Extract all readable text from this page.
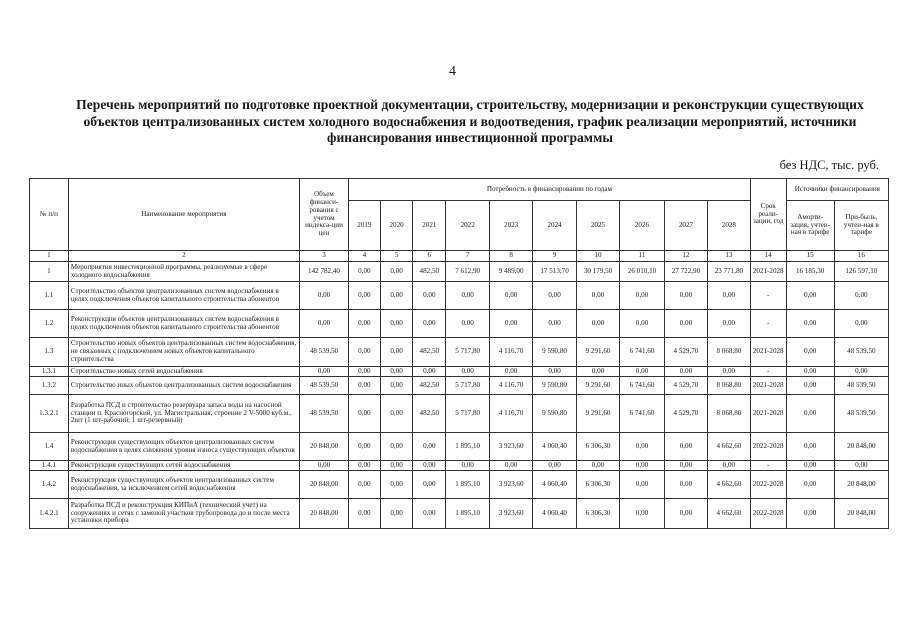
4
Перечень мероприятий по подготовке проектной документации, строительству, модернизации и реконструкции существующих объектов централизованных систем холодного водоснабжения и водоотведения, график реализации мероприятий, источники финансирования инвестиционной программы
без НДС, тыс. руб.
№ п/п	Наименование мероприятия	Объем финанси-рования с учетом индекса-ции цен	Потребность в финансировании по годам										Срок реали-зации, год	Источники финансирования	
			2019	2020	2021	2022	2023	2024	2025	2026	2027	2028		Аморти-зация, учтен-ная в тарифе	При-быль, учтен-ная в тарифе
1	2	3	4	5	6	7	8	9	10	11	12	13	14	15	16
1	Мероприятия инвестиционной программы, реализуемые в сфере холодного водоснабжения	142 782,40	0,00	0,00	482,50	7 612,90	9 489,00	17 513,70	30 179,50	26 010,10	27 722,90	23 771,80	2021-2028	16 185,30	126 597,10
1.1	Строительство объектов централизованных систем водоснабжения в целях подключения объектов капитального строительства абонентов	0,00	0,00	0,00	0,00	0,00	0,00	0,00	0,00	0,00	0,00	0,00	-	0,00	0,00
1.2	Реконструкция объектов централизованных систем водоснабжения в целях подключения объектов капитального строительства абонентов	0,00	0,00	0,00	0,00	0,00	0,00	0,00	0,00	0,00	0,00	0,00	-	0,00	0,00
1.3	Строительство новых объектов централизованных систем водоснабжения, не связанных с подключением новых объектов капитального строительства	48 539,50	0,00	0,00	482,50	5 717,80	4 116,70	9 590,80	9 291,60	6 741,60	4 529,70	8 068,80	2021-2028	0,00	48 539,50
1.3.1	Строительство новых сетей водоснабжения	0,00	0,00	0,00	0,00	0,00	0,00	0,00	0,00	0,00	0,00	0,00	-	0,00	0,00
1.3.2	Строительство иных объектов централизованных систем водоснабжения	48 539,50	0,00	0,00	482,50	5 717,80	4 116,70	9 590,80	9 291,60	6 741,60	4 529,70	8 068,80	2021-2028	0,00	48 539,50
1.3.2.1	Разработка ПСД и строительство резервуара запаса воды на насосной станции п. Красногорский, ул. Магистральная, строение 2 V-5000 куб.м., 2шт (1 шт-рабочий; 1 шт-резервный)	48 539,50	0,00	0,00	482,50	5 717,80	4 116,70	9 590,80	9 291,60	6 741,60	4 529,70	8 068,80	2021-2028	0,00	48 539,50
1.4	Реконструкция существующих объектов централизованных систем водоснабжения в целях снижения уровня износа существующих объектов	20 848,00	0,00	0,00	0,00	1 895,10	3 923,60	4 060,40	6 306,30	0,00	0,00	4 662,60	2022-2028	0,00	20 848,00
1.4.1	Реконструкция существующих сетей водоснабжения	0,00	0,00	0,00	0,00	0,00	0,00	0,00	0,00	0,00	0,00	0,00	-	0,00	0,00
1.4.2	Реконструкция существующих объектов централизованных систем водоснабжения, за исключением сетей водоснабжения	20 848,00	0,00	0,00	0,00	1 895,10	3 923,60	4 060,40	6 306,30	0,00	0,00	4 662,60	2022-2028	0,00	20 848,00
1.4.2.1	Разработка ПСД и реконструкция КИПиА (технический учет) на сооружениях и сетях с заменой участков трубопровода до и после места установки прибора	20 848,00	0,00	0,00	0,00	1 895,10	3 923,60	4 060,40	6 306,30	0,00	0,00	4 662,60	2022-2028	0,00	20 848,00
